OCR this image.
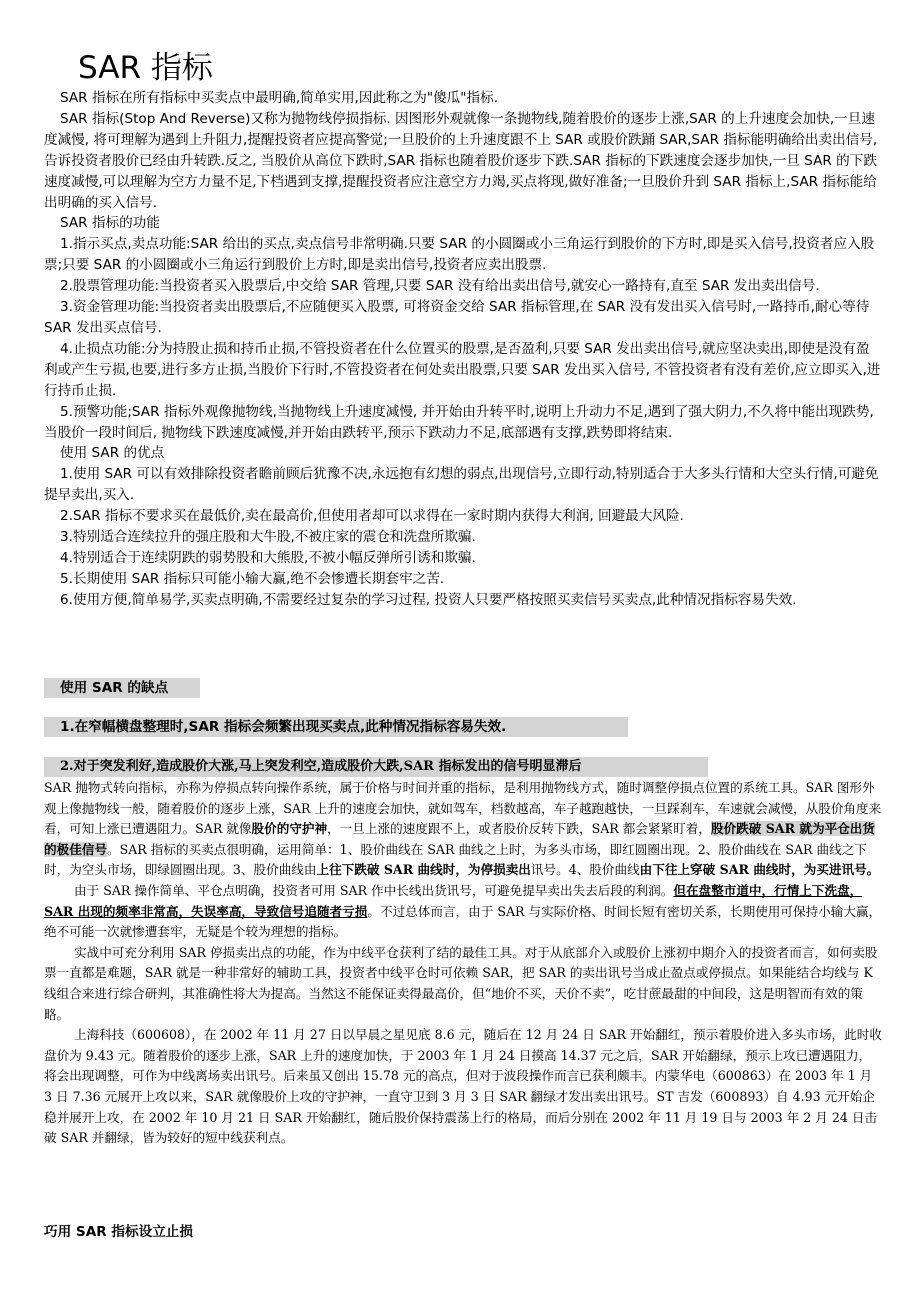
SAR 指标

SAR 指标在所有指标中买卖点中最明确,简单实用,因此称之为"傻瓜"指标.

SAR 指标(Stop And Reverse)又称为抛物线停损指标. 因图形外观就像一条抛物线,随着股价的逐步上涨,SAR 的上升速度会加快,一旦速度减慢, 将可理解为遇到上升阻力,提醒投资者应提高警觉;一旦股价的上升速度跟不上 SAR 或股价跌踊 SAR,SAR 指标能明确给出卖出信号,告诉投资者股价已经由升转跌.反之, 当股价从高位下跌时,SAR 指标也随着股价逐步下跌.SAR 指标的下跌速度会逐步加快,一旦 SAR 的下跌速度减慢,可以理解为空方力量不足,下档遇到支撑,提醒投资者应注意空方力竭,买点将现,做好准备;一旦股价升到 SAR 指标上,SAR 指标能给出明确的买入信号.

SAR 指标的功能

1.指示买点,卖点功能:SAR 给出的买点,卖点信号非常明确.只要 SAR 的小圆圈或小三角运行到股价的下方时,即是买入信号,投资者应入股票;只要 SAR 的小圆圈或小三角运行到股价上方时,即是卖出信号,投资者应卖出股票.

2.股票管理功能:当投资者买入股票后,中交给 SAR 管理,只要 SAR 没有给出卖出信号,就安心一路持有,直至 SAR 发出卖出信号.

3.资金管理功能:当投资者卖出股票后,不应随便买入股票, 可将资金交给 SAR 指标管理,在 SAR 没有发出买入信号时,一路持币,耐心等待 SAR 发出买点信号.

4.止损点功能:分为持股止损和持币止损,不管投资者在什么位置买的股票,是否盈利,只要 SAR 发出卖出信号,就应坚决卖出,即使是没有盈利或产生亏损,也要,进行多方止损,当股价下行时,不管投资者在何处卖出股票,只要 SAR 发出买入信号, 不管投资者有没有差价,应立即买入,进行持币止损.

5.预警功能;SAR 指标外观像抛物线,当抛物线上升速度减慢, 并开始由升转平时,说明上升动力不足,遇到了强大阴力,不久将中能出现跌势,当股价一段时间后, 抛物线下跌速度减慢,并开始由跌转平,预示下跌动力不足,底部遇有支撑,跌势即将结束.

使用 SAR 的优点

1.使用 SAR 可以有效排除投资者瞻前顾后犹豫不决,永远抱有幻想的弱点,出现信号,立即行动,特别适合于大多头行情和大空头行情,可避免提早卖出,买入.

2.SAR 指标不要求买在最低价,卖在最高价,但使用者却可以求得在一家时期内获得大利润, 回避最大风险.

3.特别适合连续拉升的强庄股和大牛股,不被庄家的震仓和洗盘所欺骗.

4.特别适合于连续阴跌的弱势股和大熊股,不被小幅反弹所引诱和欺骗.

5.长期使用 SAR 指标只可能小输大赢,绝不会惨遭长期套牢之苦.

6.使用方便,简单易学,买卖点明确,不需要经过复杂的学习过程, 投资人只要严格按照买卖信号买卖点,此种情况指标容易失效.

使用 SAR 的缺点
1.在窄幅横盘整理时,SAR 指标会频繁出现买卖点,此种情况指标容易失效.
2.对于突发利好,造成股价大涨,马上突发利空,造成股价大跌,SAR 指标发出的信号明显滞后

SAR 抛物式转向指标，亦称为停损点转向操作系统，属于价格与时间并重的指标，是利用抛物线方式，随时调整停损点位置的系统工具。SAR 图形外观上像抛物线一般，随着股价的逐步上涨，SAR 上升的速度会加快，就如驾车，档数越高，车子越跑越快，一旦踩刹车，车速就会减慢，从股价角度来看，可知上涨已遭遇阻力。SAR 就像股价的守护神，一旦上涨的速度跟不上，或者股价反转下跌，SAR 都会紧紧盯着，股价跌破 SAR 就为平仓出货的极佳信号。SAR 指标的买卖点很明确，运用简单：1、股价曲线在 SAR 曲线之上时，为多头市场，即红圆圈出现。2、股价曲线在 SAR 曲线之下时，为空头市场，即绿圆圈出现。3、股价曲线由上往下跌破 SAR 曲线时，为停损卖出讯号。4、股价曲线由下往上穿破 SAR 曲线时，为买进讯号。

由于 SAR 操作简单、平仓点明确，投资者可用 SAR 作中长线出货讯号，可避免提早卖出失去后段的利润。但在盘整市道中，行情上下洗盘，SAR 出现的频率非常高，失误率高，导致信号追随者亏损。不过总体而言，由于 SAR 与实际价格、时间长短有密切关系，长期使用可保持小输大赢，绝不可能一次就惨遭套牢，无疑是个较为理想的指标。

实战中可充分利用 SAR 停损卖出点的功能，作为中线平仓获利了结的最佳工具。对于从底部介入或股价上涨初中期介入的投资者而言，如何卖股票一直都是难题，SAR 就是一种非常好的辅助工具，投资者中线平仓时可依赖 SAR，把 SAR 的卖出讯号当成止盈点或停损点。如果能结合均线与 K 线组合来进行综合研判，其准确性将大为提高。当然这不能保证卖得最高价，但“地价不买，天价不卖”，吃甘蔗最甜的中间段，这是明智而有效的策略。

上海科技（600608），在 2002 年 11 月 27 日以早晨之星见底 8.6 元，随后在 12 月 24 日 SAR 开始翻红，预示着股价进入多头市场，此时收盘价为 9.43 元。随着股价的逐步上涨，SAR 上升的速度加快，于 2003 年 1 月 24 日摸高 14.37 元之后，SAR 开始翻绿，预示上攻已遭遇阻力，将会出现调整，可作为中线离场卖出讯号。后来虽又创出 15.78 元的高点，但对于波段操作而言已获利颇丰。内蒙华电（600863）在 2003 年 1 月 3 日 7.36 元展开上攻以来，SAR 就像股价上攻的守护神，一直守卫到 3 月 3 日 SAR 翻绿才发出卖出讯号。ST 吉发（600893）自 4.93 元开始企稳并展开上攻，在 2002 年 10 月 21 日 SAR 开始翻红，随后股价保持震荡上行的格局，而后分别在 2002 年 11 月 19 日与 2003 年 2 月 24 日击破 SAR 并翻绿，皆为较好的短中线获利点。

巧用 SAR 指标设立止损
